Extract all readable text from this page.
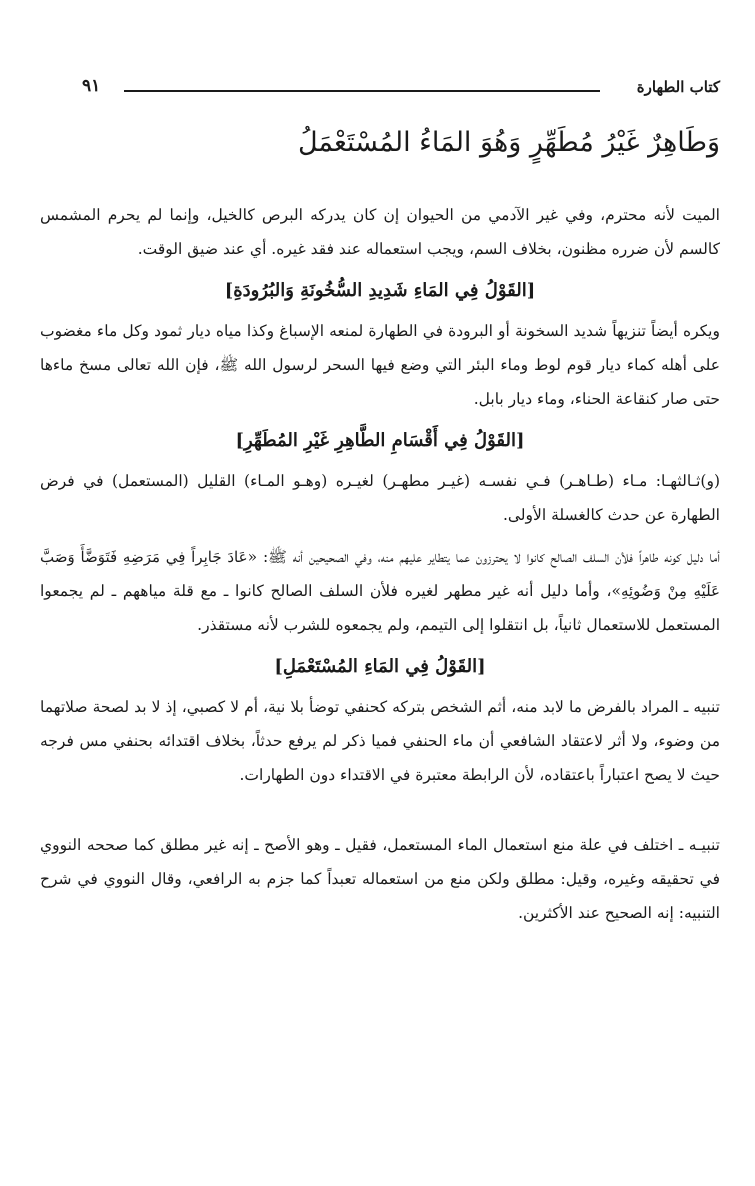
كتاب الطهارة
٩١
وَطَاهِرٌ غَيْرُ مُطَهِّرٍ وَهُوَ المَاءُ المُسْتَعْمَلُ

الميت لأنه محترم، وفي غير الآدمي من الحيوان إن كان يدركه البرص كالخيل، وإنما لم يحرم المشمس كالسم لأن ضرره مظنون، بخلاف السم، ويجب استعماله عند فقد غيره. أي عند ضيق الوقت.

[القَوْلُ فِي المَاءِ شَدِيدِ السُّخُونَةِ وَالبُرُودَةِ]

ويكره أيضاً تنزيهاً شديد السخونة أو البرودة في الطهارة لمنعه الإسباغ وكذا مياه ديار ثمود وكل ماء مغضوب على أهله كماء ديار قوم لوط وماء البئر التي وضع فيها السحر لرسول الله ﷺ، فإن الله تعالى مسخ ماءها حتى صار كنقاعة الحناء، وماء ديار بابل.

[القَوْلُ فِي أَقْسَامِ الطَّاهِرِ غَيْرِ المُطَهِّرِ]

(و)ثـالثهـا: مـاء (طـاهـر) فـي نفسـه (غيـر مطهـر) لغيـره (وهـو المـاء) القليل (المستعمل) في فرض الطهارة عن حدث كالغسلة الأولى.

أما دليل كونه طاهراً فلأن السلف الصالح كانوا لا يحترزون عما يتطاير عليهم منه، وفي الصحيحين أنه ﷺ: «عَادَ جَابِراً فِي مَرَضِهِ فَتَوَضَّأَ وَصَبَّ عَلَيْهِ مِنْ وَضُوئِهِ»، وأما دليل أنه غير مطهر لغيره فلأن السلف الصالح كانوا ـ مع قلة مياههم ـ لم يجمعوا المستعمل للاستعمال ثانياً، بل انتقلوا إلى التيمم، ولم يجمعوه للشرب لأنه مستقذر.

[القَوْلُ فِي المَاءِ المُسْتَعْمَلِ]

تنبيه ـ المراد بالفرض ما لابد منه، أثم الشخص بتركه كحنفي توضأ بلا نية، أم لا كصبي، إذ لا بد لصحة صلاتهما من وضوء، ولا أثر لاعتقاد الشافعي أن ماء الحنفي فميا ذكر لم يرفع حدثاً، بخلاف اقتدائه بحنفي مس فرجه حيث لا يصح اعتباراً باعتقاده، لأن الرابطة معتبرة في الاقتداء دون الطهارات.

تنبيـه ـ اختلف في علة منع استعمال الماء المستعمل، فقيل ـ وهو الأصح ـ إنه غير مطلق كما صححه النووي في تحقيقه وغيره، وقيل: مطلق ولكن منع من استعماله تعبداً كما جزم به الرافعي، وقال النووي في شرح التنبيه: إنه الصحيح عند الأكثرين.
